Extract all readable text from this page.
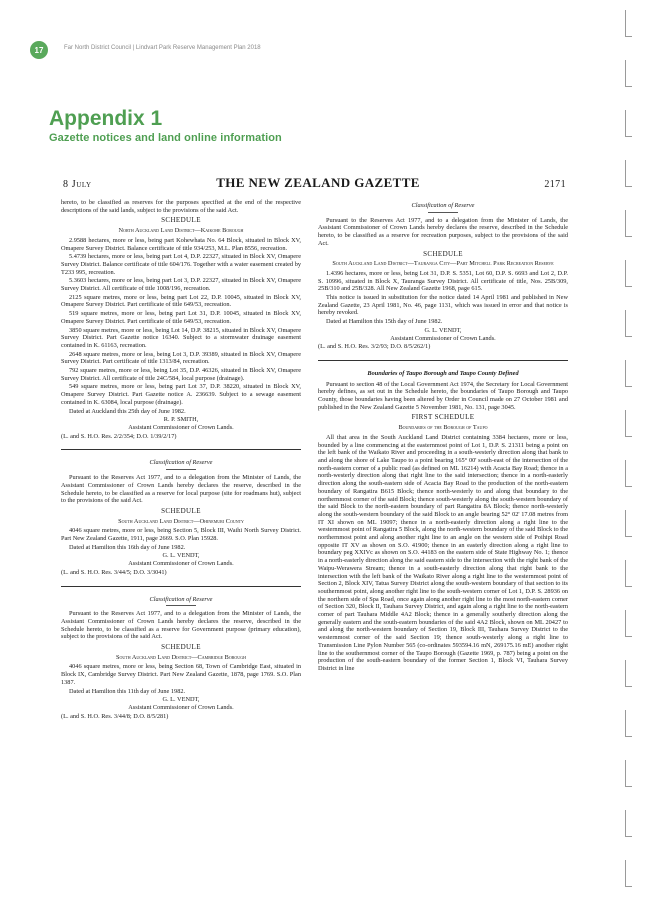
17	Far North District Council | Lindvart Park Reserve Management Plan 2018
Appendix 1
Gazette notices and land online information
8 July	THE NEW ZEALAND GAZETTE	2171

hereto, to be classified as reserves for the purposes specified at the end of the respective descriptions of the said lands, subject to the provisions of the said Act.

SCHEDULE

North Auckland Land District—Kaikohe Borough

2.9588 hectares, more or less, being part Kohewhata No. 64 Block, situated in Block XV, Omapere Survey District. Balance certificate of title 934/253, M.L. Plan 8556, recreation.

5.4739 hectares, more or less, being part Lot 4, D.P. 22327, situated in Block XV, Omapere Survey District. Balance certificate of title 604/176. Together with a water easement created by T233 995, recreation.

5.3603 hectares, more or less, being part Lot 3, D.P. 22327, situated in Block XV, Omapere Survey District. All certificate of title 1008/196, recreation.

2125 square metres, more or less, being part Lot 22, D.P. 10045, situated in Block XV, Omapere Survey District. Part certificate of title 649/53, recreation.

519 square metres, more or less, being part Lot 31, D.P. 10045, situated in Block XV, Omapere Survey District. Part certificate of title 649/53, recreation.

3850 square metres, more or less, being Lot 14, D.P. 38215, situated in Block XV, Omapere Survey District. Part Gazette notice 16340. Subject to a stormwater drainage easement contained in K. 61163, recreation.

2648 square metres, more or less, being Lot 3, D.P. 39389, situated in Block XV, Omapere Survey District. Part certificate of title 1313/84, recreation.

792 square metres, more or less, being Lot 35, D.P. 46326, situated in Block XV, Omapere Survey District. All certificate of title 24C/584, local purpose (drainage).

549 square metres, more or less, being part Lot 37, D.P. 38220, situated in Block XV, Omapere Survey District. Part Gazette notice A. 236639. Subject to a sewage easement contained in K. 63084, local purpose (drainage).

Dated at Auckland this 25th day of June 1982.

R. P. SMITH,

Assistant Commissioner of Crown Lands.

(L. and S. H.O. Res. 2/2/354; D.O. 1/39/2/17)

Classification of Reserve

Pursuant to the Reserves Act 1977, and to a delegation from the Minister of Lands, the Assistant Commissioner of Crown Lands hereby declares the reserve, described in the Schedule hereto, to be classified as a reserve for local purpose (site for roadmans hut), subject to the provisions of the said Act.

SCHEDULE

South Auckland Land District—Ohinemuri County

4046 square metres, more or less, being Section 5, Block III, Waihi North Survey District. Part New Zealand Gazette, 1911, page 2669. S.O. Plan 15928.

Dated at Hamilton this 16th day of June 1982.

G. L. VENDT,

Assistant Commissioner of Crown Lands.

(L. and S. H.O. Res. 3/44/5; D.O. 3/3041)

Classification of Reserve

Pursuant to the Reserves Act 1977, and to a delegation from the Minister of Lands, the Assistant Commissioner of Crown Lands hereby declares the reserve, described in the Schedule hereto, to be classified as a reserve for Government purpose (primary education), subject to the provisions of the said Act.

SCHEDULE

South Auckland Land District—Cambridge Borough

4046 square metres, more or less, being Section 68, Town of Cambridge East, situated in Block IX, Cambridge Survey District. Part New Zealand Gazette, 1878, page 1769. S.O. Plan 1387.

Dated at Hamilton this 11th day of June 1982.

G. L. VENDT,

Assistant Commissioner of Crown Lands.

(L. and S. H.O. Res. 3/44/8; D.O. 8/5/281)

Classification of Reserve

Pursuant to the Reserves Act 1977, and to a delegation from the Minister of Lands, the Assistant Commissioner of Crown Lands hereby declares the reserve, described in the Schedule hereto, to be classified as a reserve for recreation purposes, subject to the provisions of the said Act.

SCHEDULE

South Auckland Land District—Tauranga City—Part Mitchell Park Recreation Reserve

1.4396 hectares, more or less, being Lot 31, D.P. S. 5351, Lot 60, D.P. S. 6693 and Lot 2, D.P. S. 10996, situated in Block X, Tauranga Survey District. All certificate of title, Nos. 25B/309, 25B/310 and 25B/328. All New Zealand Gazette 1968, page 615.

This notice is issued in substitution for the notice dated 14 April 1981 and published in New Zealand Gazette, 23 April 1981, No. 46, page 1131, which was issued in error and that notice is hereby revoked.

Dated at Hamilton this 15th day of June 1982.

G. L. VENDT,

Assistant Commissioner of Crown Lands.

(L. and S. H.O. Res. 3/2/93; D.O. 8/5/262/1)

Boundaries of Taupo Borough and Taupo County Defined

Pursuant to section 48 of the Local Government Act 1974, the Secretary for Local Government hereby defines, as set out in the Schedule hereto, the boundaries of Taupo Borough and Taupo County, those boundaries having been altered by Order in Council made on 27 October 1981 and published in the New Zealand Gazette 5 November 1981, No. 131, page 3045.

FIRST SCHEDULE

Boundaries of the Borough of Taupo

All that area in the South Auckland Land District containing 3384 hectares, more or less, bounded by a line commencing at the easternmost point of Lot 1, D.P. S. 21311 being a point on the left bank of the Waikato River and proceeding in a south-westerly direction along that bank to and along the shore of Lake Taupo to a point bearing 165° 00' south-east of the intersection of the north-eastern corner of a public road (as defined on ML 16214) with Acacia Bay Road; thence in a north-westerly direction along that right line to the said intersection; thence in a north-easterly direction along the south-eastern side of Acacia Bay Road to the production of the north-eastern boundary of Rangatira B615 Block; thence north-westerly to and along that boundary to the northernmost corner of the said Block; thence south-westerly along the south-western boundary of the said Block to the north-eastern boundary of part Rangatira 8A Block; thence north-westerly along the south-western boundary of the said Block to an angle bearing 52° 02' 17.08 metres from IT XI shown on ML 19097; thence in a north-easterly direction along a right line to the westernmost point of Rangatira 5 Block, along the north-western boundary of the said Block to the northernmost point and along another right line to an angle on the western side of Poihipi Road opposite IT XV as shown on S.O. 41900; thence in an easterly direction along a right line to boundary peg XXIVc as shown on S.O. 44183 on the eastern side of State Highway No. 1; thence in a north-easterly direction along the said eastern side to the intersection with the right bank of the Waipu-Werawera Stream; thence in a south-easterly direction along that right bank to the intersection with the left bank of the Waikato River along a right line to the westernmost point of Section 2, Block XIV, Tatua Survey District along the south-western boundary of that section to its southernmost point, along another right line to the south-western corner of Lot 1, D.P. S. 28936 on the northern side of Spa Road, once again along another right line to the most north-eastern corner of Section 320, Block II, Tauhara Survey District, and again along a right line to the north-eastern corner of part Tauhara Middle 4A2 Block; thence in a generally southerly direction along the generally eastern and the south-eastern boundaries of the said 4A2 Block, shown on ML 20427 to and along the north-western boundary of Section 19, Block III, Tauhara Survey District to the westernmost corner of the said Section 19; thence south-westerly along a right line to Transmission Line Pylon Number 565 (co-ordinates 593594.16 mN, 269175.16 mE) another right line to the southernmost corner of the Taupo Borough (Gazette 1969, p. 787) being a point on the production of the south-eastern boundary of the former Section 1, Block VI, Tauhara Survey District in line
